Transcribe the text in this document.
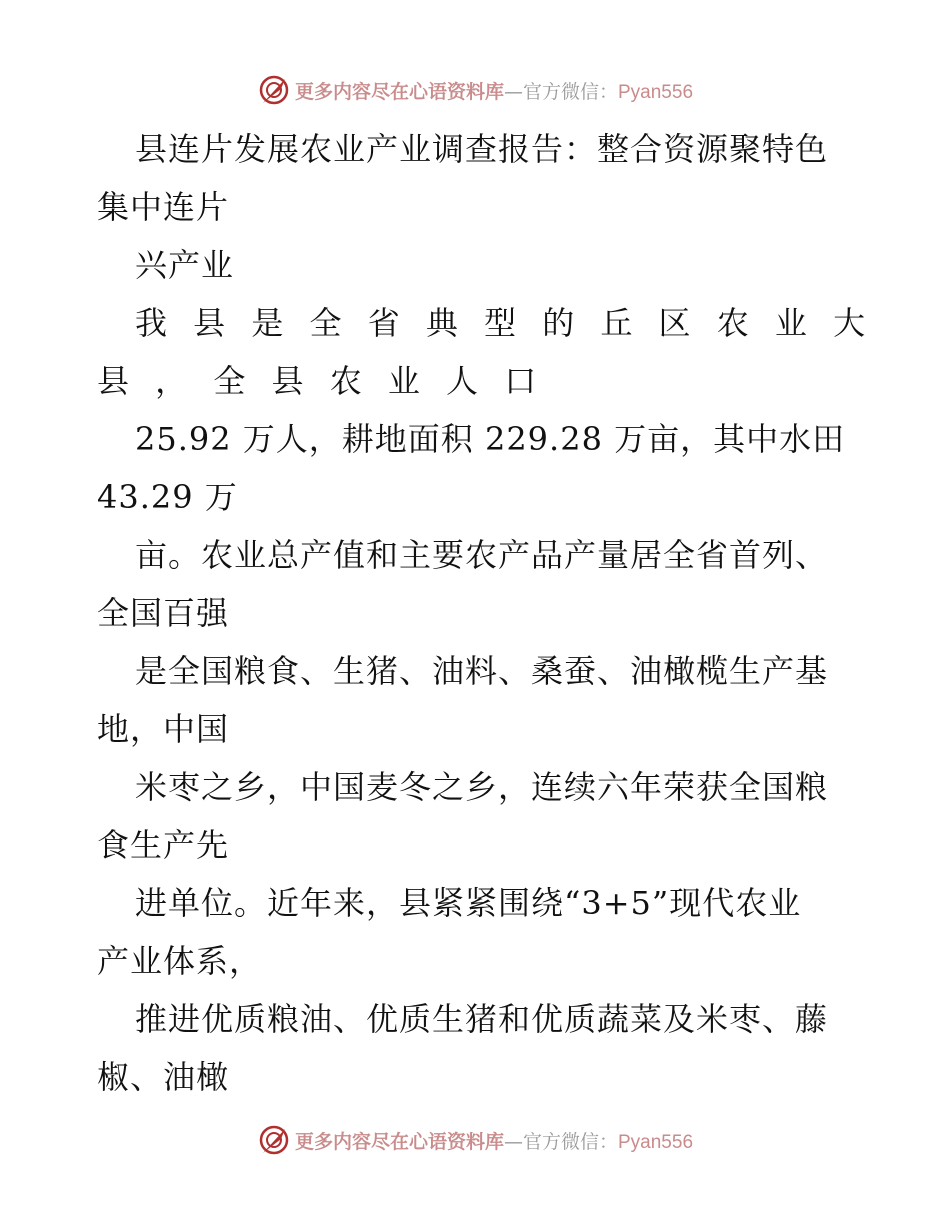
更多内容尽在心语资料库—官方微信：Pyan556
县连片发展农业产业调查报告：整合资源聚特色
集中连片
兴产业
我 县 是 全 省 典 型 的 丘 区 农 业 大
县 ， 全 县 农 业 人 口
25.92 万人，耕地面积 229.28 万亩，其中水田
43.29 万
亩。农业总产值和主要农产品产量居全省首列、
全国百强
是全国粮食、生猪、油料、桑蚕、油橄榄生产基
地，中国
米枣之乡，中国麦冬之乡，连续六年荣获全国粮
食生产先
进单位。近年来，县紧紧围绕“3+5”现代农业
产业体系，
推进优质粮油、优质生猪和优质蔬菜及米枣、藤
椒、油橄
更多内容尽在心语资料库—官方微信：Pyan556
